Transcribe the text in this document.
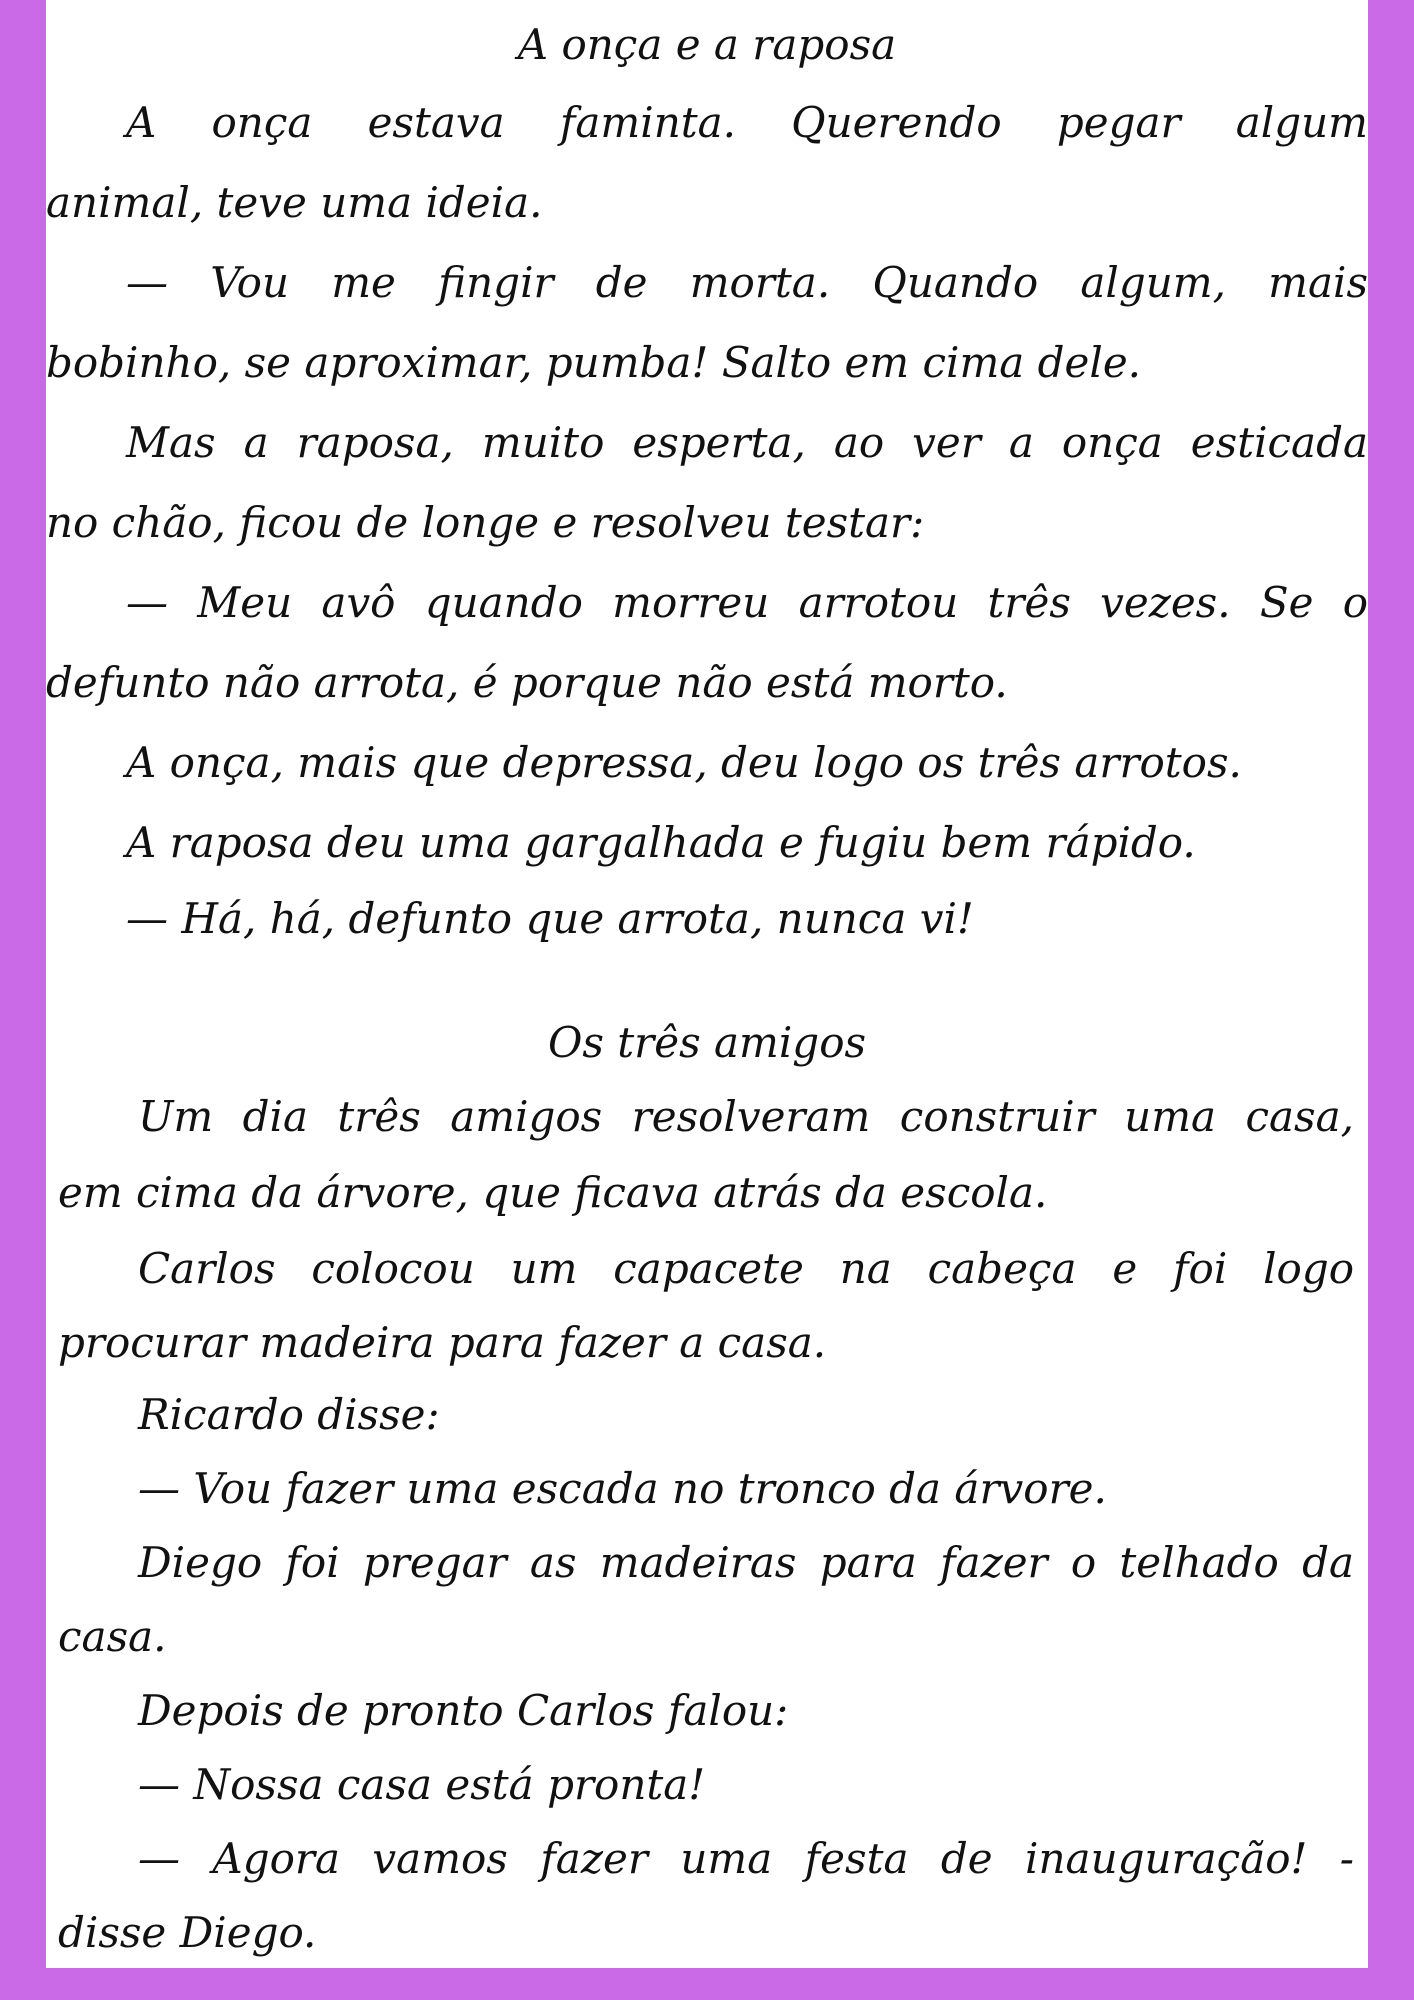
A onça e a raposa
A onça estava faminta. Querendo pegar algum
animal, teve uma ideia.
— Vou me fingir de morta. Quando algum, mais
bobinho, se aproximar, pumba! Salto em cima dele.
Mas a raposa, muito esperta, ao ver a onça esticada
no chão, ficou de longe e resolveu testar:
— Meu avô quando morreu arrotou três vezes. Se o
defunto não arrota, é porque não está morto.
A onça, mais que depressa, deu logo os três arrotos.
A raposa deu uma gargalhada e fugiu bem rápido.
— Há, há, defunto que arrota, nunca vi!
Os três amigos
Um dia três amigos resolveram construir uma casa,
em cima da árvore, que ficava atrás da escola.
Carlos colocou um capacete na cabeça e foi logo
procurar madeira para fazer a casa.
Ricardo disse:
— Vou fazer uma escada no tronco da árvore.
Diego foi pregar as madeiras para fazer o telhado da
casa.
Depois de pronto Carlos falou:
— Nossa casa está pronta!
— Agora vamos fazer uma festa de inauguração! -
disse Diego.
